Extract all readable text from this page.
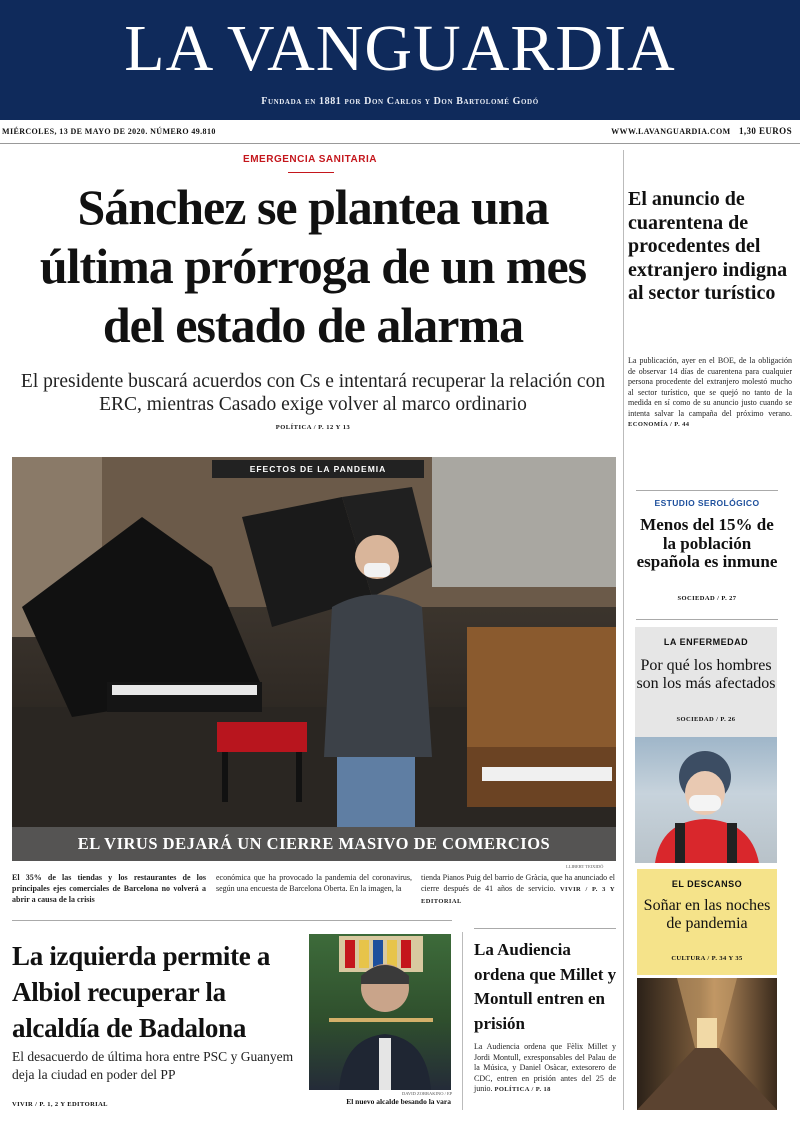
LA VANGUARDIA
Fundada en 1881 por Don Carlos y Don Bartolomé Godó
MIÉRCOLES, 13 DE MAYO DE 2020. NÚMERO 49.810	WWW.LAVANGUARDIA.COM 1,30 EUROS
EMERGENCIA SANITARIA
Sánchez se plantea una última prórroga de un mes del estado de alarma
El presidente buscará acuerdos con Cs e intentará recuperar la relación con ERC, mientras Casado exige volver al marco ordinario
POLÍTICA / P. 12 Y 13
El anuncio de cuarentena de procedentes del extranjero indigna al sector turístico
La publicación, ayer en el BOE, de la obligación de observar 14 días de cuarentena para cualquier persona procedente del extranjero molestó mucho al sector turístico, que se quejó no tanto de la medida en sí como de su anuncio justo cuando se intenta salvar la campaña del próximo verano. ECONOMÍA / P. 44
ESTUDIO SEROLÓGICO
Menos del 15% de la población española es inmune
SOCIEDAD / P. 27
LA ENFERMEDAD
Por qué los hombres son los más afectados
SOCIEDAD / P. 26
EL DESCANSO
Soñar en las noches de pandemia
CULTURA / P. 34 Y 35
EFECTOS DE LA PANDEMIA
EL VIRUS DEJARÁ UN CIERRE MASIVO DE COMERCIOS
LLIBERT TEIXIDÓ
El 35% de las tiendas y los restaurantes de los principales ejes comerciales de Barcelona no volverá a abrir a causa de la crisis
económica que ha provocado la pandemia del coronavirus, según una encuesta de Barcelona Oberta. En la imagen, la
tienda Pianos Puig del barrio de Gràcia, que ha anunciado el cierre después de 41 años de servicio. VIVIR / P. 3 Y EDITORIAL
La izquierda permite a Albiol recuperar la alcaldía de Badalona
El desacuerdo de última hora entre PSC y Guanyem deja la ciudad en poder del PP
VIVIR / P. 1, 2 Y EDITORIAL
DAVID ZORRAKINO / EP
El nuevo alcalde besando la vara
La Audiencia ordena que Millet y Montull entren en prisión
La Audiencia ordena que Fèlix Millet y Jordi Montull, exresponsables del Palau de la Música, y Daniel Osàcar, extesorero de CDC, entren en prisión antes del 25 de junio. POLÍTICA / P. 18
